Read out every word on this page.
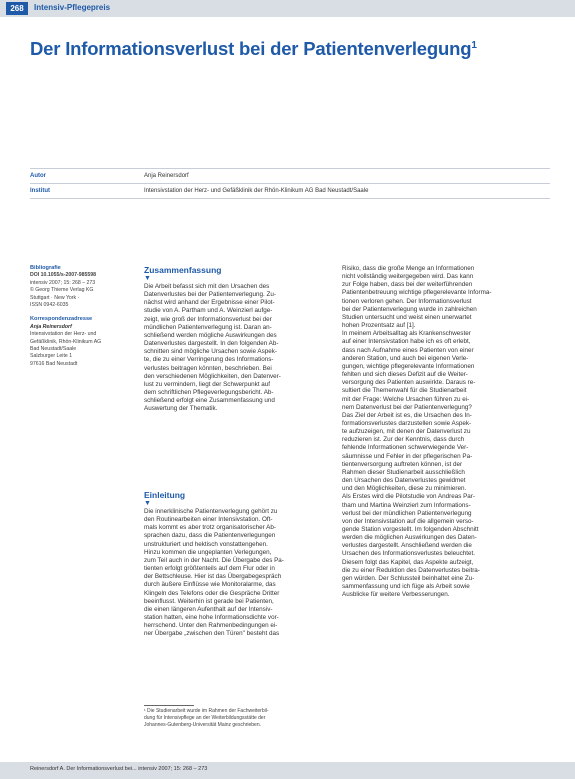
268	Intensiv-Pflegepreis
Der Informationsverlust bei der Patientenverlegung$^1$
Autor	Anja Reinersdorf
Institut	Intensivstation der Herz- und Gefäßklinik der Rhön-Klinikum AG Bad Neustadt/Saale
Bibliografie
DOI 10.1055/s-2007-985598
intensiv 2007; 15: 268 – 273
© Georg Thieme Verlag KG
Stuttgart · New York ·
ISSN 0942-6035
Korrespondenzadresse
Anja Reinersdorf
Intensivstation der Herz- und
Gefäßklinik, Rhön-Klinikum AG
Bad Neustadt/Saale
Salzburger Leite 1
97616 Bad Neustadt
Zusammenfassung
▼

Die Arbeit befasst sich mit den Ursachen des

Datenverlustes bei der Patientenverlegung. Zu-

nächst wird anhand der Ergebnisse einer Pilot-

studie von A. Partham und A. Weinzierl aufge-

zeigt, wie groß der Informationsverlust bei der

mündlichen Patientenverlegung ist. Daran an-

schließend werden mögliche Auswirkungen des

Datenverlustes dargestellt. In den folgenden Ab-

schnitten sind mögliche Ursachen sowie Aspek-

te, die zu einer Verringerung des Informations-

verlustes beitragen könnten, beschrieben. Bei

den verschiedenen Möglichkeiten, den Datenver-

lust zu vermindern, liegt der Schwerpunkt auf

dem schriftlichen Pflegeverlegungsbericht. Ab-

schließend erfolgt eine Zusammenfassung und

Auswertung der Thematik.

Einleitung
▼

Die innerklinische Patientenverlegung gehört zu

den Routinearbeiten einer Intensivstation. Oft-

mals kommt es aber trotz organisatorischer Ab-

sprachen dazu, dass die Patientenverlegungen

unstrukturiert und hektisch vonstattengehen.

Hinzu kommen die ungeplanten Verlegungen,

zum Teil auch in der Nacht. Die Übergabe des Pa-

tienten erfolgt größtenteils auf dem Flur oder in

der Bettschleuse. Hier ist das Übergabegespräch

durch äußere Einflüsse wie Monitoralarme, das

Klingeln des Telefons oder die Gespräche Dritter

beeinflusst. Weiterhin ist gerade bei Patienten,

die einen längeren Aufenthalt auf der Intensiv-

station hatten, eine hohe Informationsdichte vor-

herrschend. Unter den Rahmenbedingungen ei-

ner Übergabe „zwischen den Türen" besteht das

Risiko, dass die große Menge an Informationen

nicht vollständig weitergegeben wird. Das kann

zur Folge haben, dass bei der weiterführenden

Patientenbetreuung wichtige pflegerelevante Informa-

tionen verloren gehen. Der Informationsverlust

bei der Patientenverlegung wurde in zahlreichen

Studien untersucht und weist einen unerwartet

hohen Prozentsatz auf [1].

In meinem Arbeitsalltag als Krankenschwester

auf einer Intensivstation habe ich es oft erlebt,

dass nach Aufnahme eines Patienten von einer

anderen Station, und auch bei eigenen Verle-

gungen, wichtige pflegerelevante Informationen

fehlten und sich dieses Defizit auf die Weiter-

versorgung des Patienten auswirkte. Daraus re-

sultiert die Themenwahl für die Studienarbeit

mit der Frage: Welche Ursachen führen zu ei-

nem Datenverlust bei der Patientenverlegung?

Das Ziel der Arbeit ist es, die Ursachen des In-

formationsverlustes darzustellen sowie Aspek-

te aufzuzeigen, mit denen der Datenverlust zu

reduzieren ist. Zur der Kenntnis, dass durch

fehlende Informationen schwerwiegende Ver-

säumnisse und Fehler in der pflegerischen Pa-

tientenversorgung auftreten können, ist der

Rahmen dieser Studienarbeit ausschließlich

den Ursachen des Datenverlustes gewidmet

und den Möglichkeiten, diese zu minimieren.

Als Erstes wird die Pilotstudie von Andreas Par-

tham und Martina Weinzierl zum Informations-

verlust bei der mündlichen Patientenverlegung

von der Intensivstation auf die allgemein verso-

gende Station vorgestellt. Im folgenden Abschnitt

werden die möglichen Auswirkungen des Daten-

verlustes dargestellt. Anschließend werden die

Ursachen des Informationsverlustes beleuchtet.

Diesem folgt das Kapitel, das Aspekte aufzeigt,

die zu einer Reduktion des Datenverlustes beitra-

gen würden. Der Schlussteil beinhaltet eine Zu-

sammenfassung und ich füge als Arbeit sowie

Ausblicke für weitere Verbesserungen.

¹ Die Studienarbeit wurde im Rahmen der Fachweiterbil-
dung für Intensivpflege an der Weiterbildungsstätte der
Johannes-Gutenberg-Universität Mainz geschrieben.
Reinersdorf A. Der Informationsverlust bei... intensiv 2007; 15: 268 – 273
